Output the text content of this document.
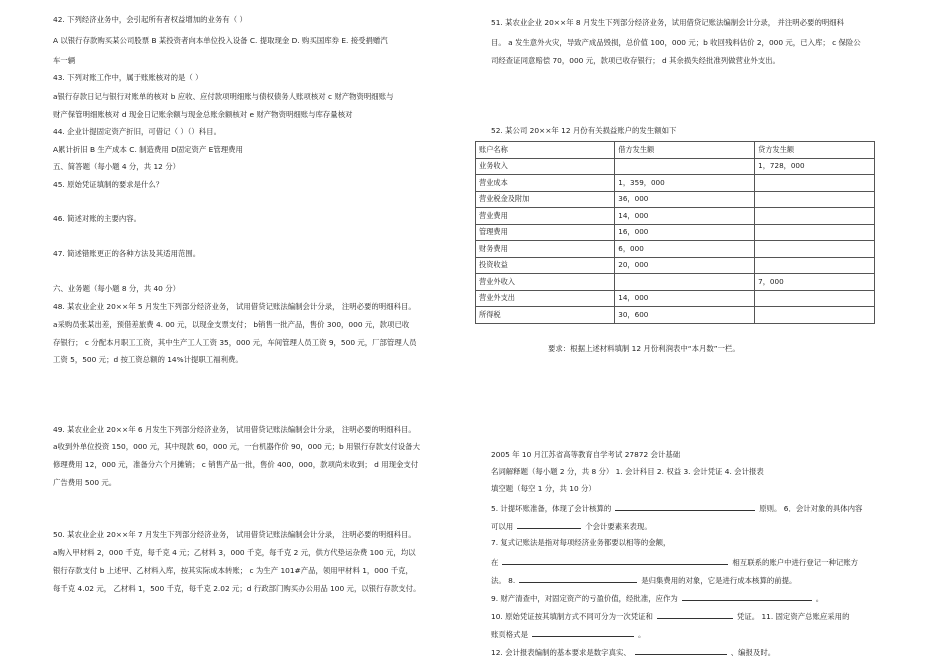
42. 下列经济业务中，会引起所有者权益增加的业务有（ ）
A 以银行存款购买某公司股票 B 某投资者向本单位投入设备 C. 提取现金 D. 购买国库券 E. 接受捐赠汽
车一辆
43. 下列对账工作中，属于账账核对的是（ ）
a银行存款日记与银行对账单的核对 b 应收、应付款项明细账与债权债务人账项核对 c 财产物资明细账与
财产保管明细账核对 d 现金日记账余额与现金总账余额核对 e 财产物资明细账与库存量核对
44. 企业计提固定资产折旧，可借记（ ）（）科目。
A累计折旧 B 生产成本 C. 制造费用 D固定资产 E管理费用
五、简答题（每小题 4 分，共 12 分）
45. 原始凭证填制的要求是什么？
46. 简述对账的主要内容。
47. 简述错账更正的各种方法及其适用范围。
六、业务题（每小题 8 分，共 40 分）
48. 某农业企业 20××年 5 月发生下列部分经济业务， 试用借贷记账法编制会计分录， 注明必要的明细科目。
a采购员张某出差，预借差旅费 4. 00 元，以现金支票支付； b销售一批产品，售价 300，000 元，款项已收
存银行； c 分配本月职工工资，其中生产工人工资 35，000 元，车间管理人员工资 9，500 元，厂部管理人员
工资 5，500 元；d 按工资总额的 14%计提职工福利费。
49. 某农业企业 20××年 6 月发生下列部分经济业务， 试用借贷记账法编制会计分录， 注明必要的明细科目。
a收到外单位投资 150，000 元，其中现款 60，000 元，一台机器作价 90，000 元；b 用银行存款支付设备大
修理费用 12，000 元，准备分六个月摊销； c 销售产品一批，售价 400，000，款项尚未收到； d 用现金支付
广告费用 500 元。
50. 某农业企业 20××年 7 月发生下列部分经济业务， 试用借贷记账法编制会计分录， 注明必要的明细科目。
a购入甲材料 2，000 千克，每千克 4 元；乙材料 3，000 千克，每千克 2 元，供方代垫运杂费 100 元，均以
银行存款支付 b 上述甲、乙材料入库，按其实际成本转账； c 为生产 101#产品，领用甲材料 1，000 千克，
每千克 4.02 元， 乙材料 1，500 千克，每千克 2.02 元；d 行政部门购买办公用品 100 元，以银行存款支付。
51. 某农业企业 20××年 8 月发生下列部分经济业务，试用借贷记账法编制会计分录， 并注明必要的明细科
目。 a 发生意外火灾，导致产成品毁损，总价值 100，000 元；b 收回残料估价 2，000 元，已入库； c 保险公
司经查证同意赔偿 70，000 元，款项已收存银行； d 其余损失经批准列做营业外支出。
52. 某公司 20××年 12 月份有关损益账户的发生额如下
账户名称	借方发生额	贷方发生额
业务收入		1，728，000
营业成本	1，359，000	
营业税金及附加	36，000	
营业费用	14，000	
管理费用	16，000	
财务费用	6，000	
投资收益	20，000	
营业外收入		7，000
营业外支出	14，000	
所得税	30，600	
要求：根据上述材料填制 12 月份利润表中“本月数”一栏。
2005 年 10 月江苏省高等教育自学考试 27872 会计基础
名词解释题（每小题 2 分，共 8 分） 1. 会计科目 2. 权益 3. 会计凭证 4. 会计报表
填空题（每空 1 分，共 10 分）
5. 计提坏账准备，体现了会计核算的	原则。 6．会计对象的具体内容
可以用	个会计要素来表现。
7. 复式记账法是指对每项经济业务都要以相等的金额，
在	相互联系的账户中进行登记一种记账方
法。 8.	是归集费用的对象，它是进行成本核算的前提。
9. 财产清查中，对固定资产的亏盈价值，经批准，应作为	。
10. 原始凭证按其填制方式不同可分为一次凭证和	凭证。 11. 固定资产总账应采用的
账页格式是	。
12. 会计报表编制的基本要求是数字真实、	、编报及时。
